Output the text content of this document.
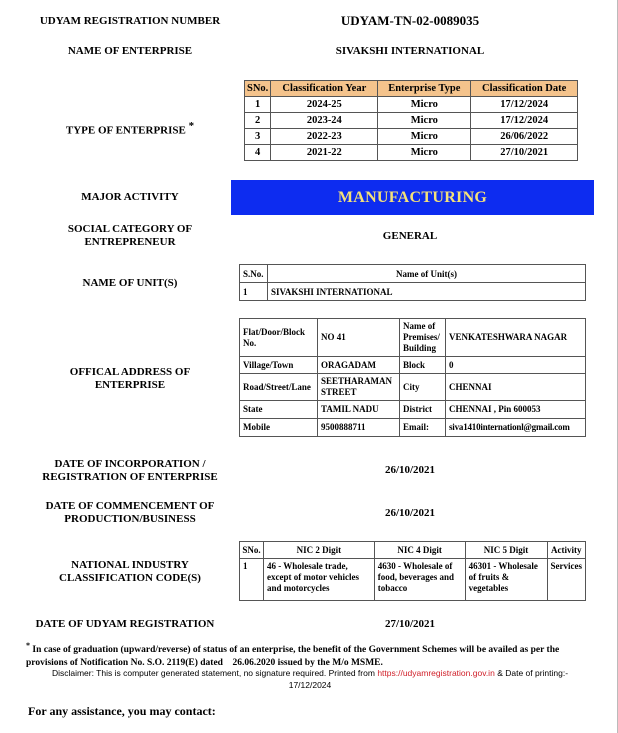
UDYAM REGISTRATION NUMBER	UDYAM-TN-02-0089035
NAME OF ENTERPRISE	SIVAKSHI INTERNATIONAL
TYPE OF ENTERPRISE *
SNo.	Classification Year	Enterprise Type	Classification Date
1	2024-25	Micro	17/12/2024
2	2023-24	Micro	17/12/2024
3	2022-23	Micro	26/06/2022
4	2021-22	Micro	27/10/2021
MAJOR ACTIVITY	MANUFACTURING
SOCIAL CATEGORY OF ENTREPRENEUR	GENERAL
NAME OF UNIT(S)
S.No.	Name of Unit(s)
1	SIVAKSHI INTERNATIONAL
OFFICAL ADDRESS OF ENTERPRISE
Flat/Door/Block No.	NO 41	Name of Premises/ Building	VENKATESHWARA NAGAR
Village/Town	ORAGADAM	Block	0
Road/Street/Lane	SEETHARAMAN STREET	City	CHENNAI
State	TAMIL NADU	District	CHENNAI , Pin 600053
Mobile	9500888711	Email:	siva1410internationl@gmail.com
DATE OF INCORPORATION / REGISTRATION OF ENTERPRISE
26/10/2021
DATE OF COMMENCEMENT OF PRODUCTION/BUSINESS	26/10/2021
NATIONAL INDUSTRY CLASSIFICATION CODE(S)
SNo.	NIC 2 Digit	NIC 4 Digit	NIC 5 Digit	Activity
1	46 - Wholesale trade, except of motor vehicles and motorcycles	4630 - Wholesale of food, beverages and tobacco	46301 - Wholesale of fruits & vegetables	Services
DATE OF UDYAM REGISTRATION	27/10/2021
* In case of graduation (upward/reverse) of status of an enterprise, the benefit of the Government Schemes will be availed as per the provisions of Notification No. S.O. 2119(E) dated    26.06.2020 issued by the M/o MSME.
Disclaimer: This is computer generated statement, no signature required. Printed from https://udyamregistration.gov.in & Date of printing:-
17/12/2024
For any assistance, you may contact:
